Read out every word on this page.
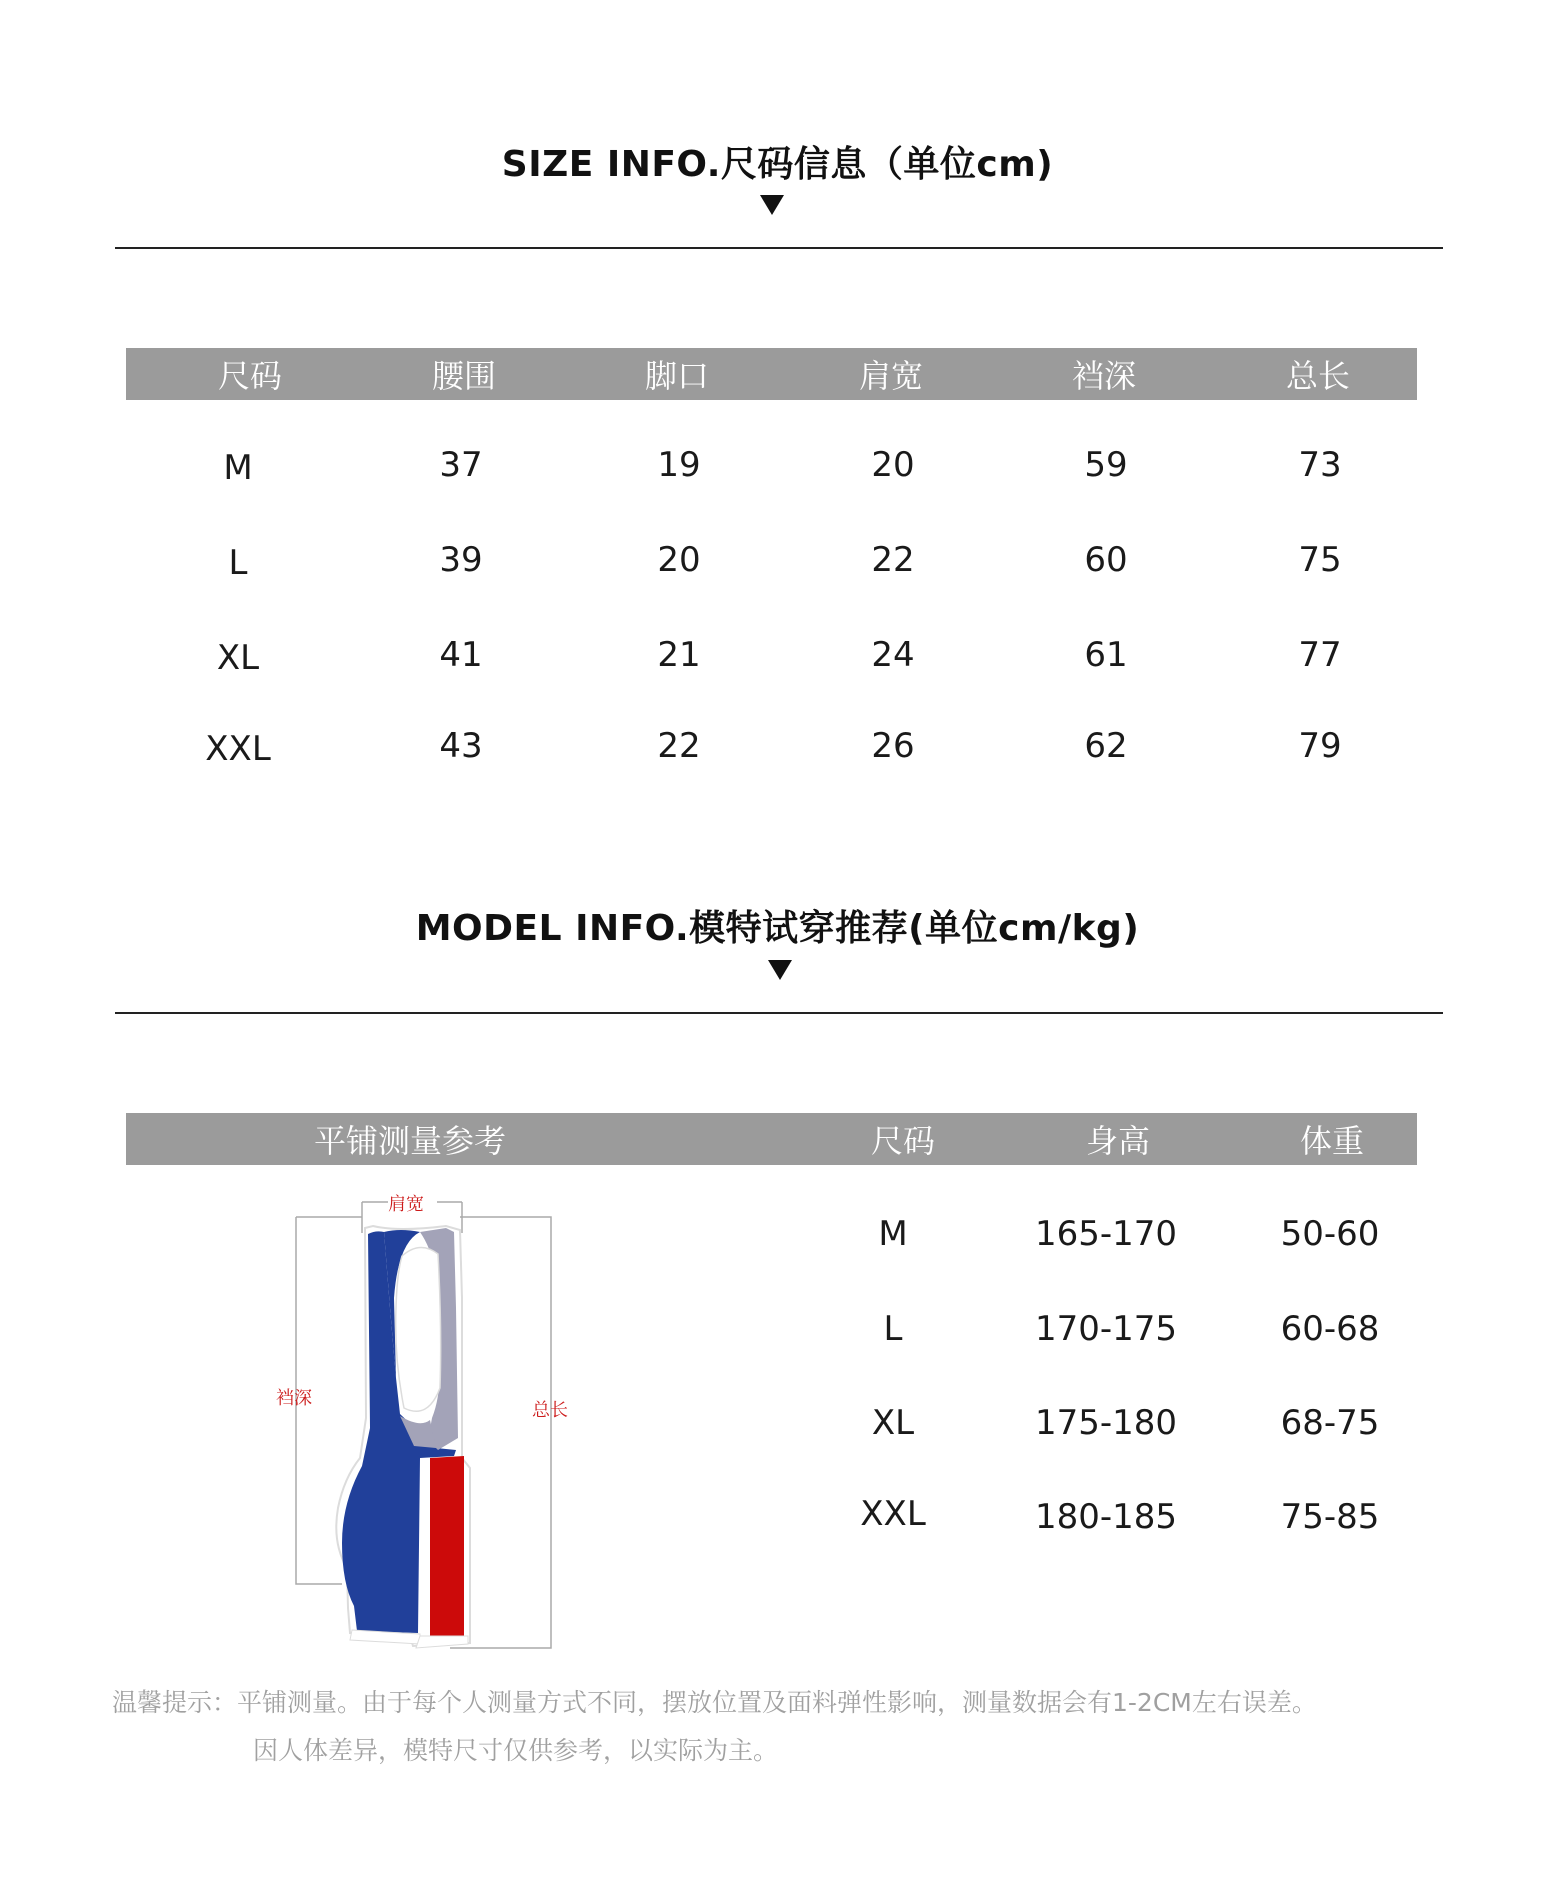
SIZE INFO.尺码信息（单位cm)
尺码	腰围	脚口	肩宽	裆深	总长
M	37	19	20	59	73
L	39	20	22	60	75
XL	41	21	24	61	77
XXL	43	22	26	62	79
MODEL INFO.模特试穿推荐(单位cm/kg)
平铺测量参考	尺码	身高	体重
肩宽
裆深
总长
M	165-170	50-60
L	170-175	60-68
XL	175-180	68-75
XXL	180-185	75-85
温馨提示：平铺测量。由于每个人测量方式不同，摆放位置及面料弹性影响，测量数据会有1-2CM左右误差。
因人体差异，模特尺寸仅供参考，以实际为主。
